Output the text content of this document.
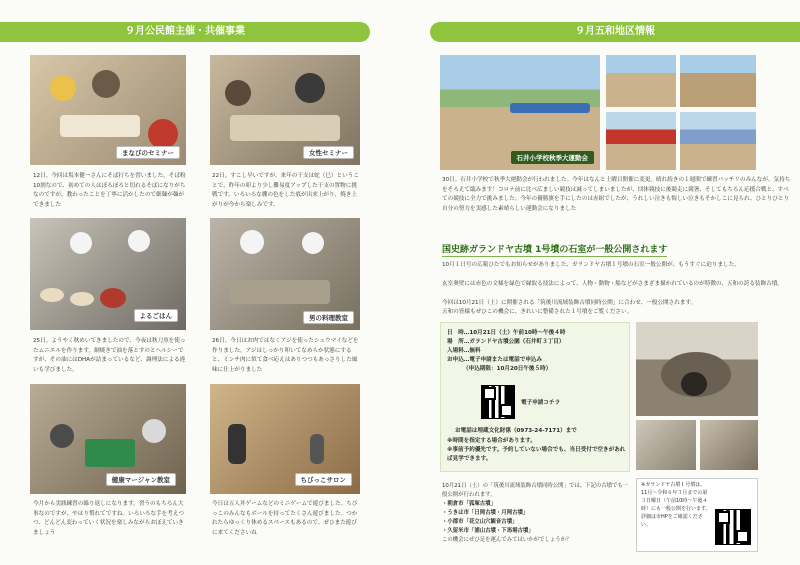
９月公民館主催・共催事業
まなびのセミナー	女性セミナー
12日。今回は坂本健一さんにそば打ちを習いました。そば粉10割なので、初めての人はぼろぼろと切れるそばになりがちなのですが、教わったことを丁寧に活かしたので細麺が麺ができました
22日。すこし早いですが、来年の干支は蛇（巳）ということで、昨年の卯より少し難易度アップした干支の置物に挑戦です。いろいろな棚の色をした底が出来上がり、焼き上がりが今から楽しみです。
よるごはん	男の料理教室
25日。ようやく秋めいてきましたので、今夜は秋刀魚を使ったムニエルを作ります。網焼きで油を落とすのとヘルシーですが、その油にはDHAが詰まっているなど、調理法による違いも学びました。
26日。今日はお肉ではなくアジを使ったシュウマイなどを作りました。アジはしっかり叩いてなめらか状態にすると、ミンチ肉に似て食べ応えはありつつもあっさりした風味に仕上がりました
健康マージャン教室	ちびっこサロン
今月から実践練習の繰り返しになります。習うのもちろん大事なのですが、やはり慣れてですね。いろいろな手を考えつつ、どんどん変わっていく状況を楽しみながらおぼえていきましょう
今日は五人丼ゲームなどのミニゲームで遊びました。ちびっこのみんなもボールを持ってたくさん遊びました。つかれたらゆっくり休めるスペースもあるので、ぜひまた遊びに来てくださいね
９月五和地区情報
石井小学校秋季大運動会
30日。石井小学校で秋季大運動会が行われました。今年はなんと土曜日開催に変更。晴れ続きの１週間で練習バッチリのみんなが、気持ちをそろえて臨みます！コロナ前に比べ広ましい競技は減ってしまいましたが、団体競技に後競走に競箸、そしてもちろん応援合戦と、すべての競技に全力で挑みました。今年の優勝旗を手にしたのは赤組でしたが、うれしい泣きも悔しい泣きもそかしこに見られ、ひとりひとり自分の努力を実感した素晴らしい運動会になりました
国史跡ガランドヤ古墳 1号墳の石室が一般公開されます
10月１日号の広報ひたでもお知らせがありました、ガランドヤ古墳１号墳の石室一般公開が、もうすぐに迫りました。
玄室奥壁には赤色の文様を緑色で縁取る技法によって、人物・動物・船などがさまざま描かれているのが特徴の、五和の誇る装飾古墳。
今回は10月21日（土）に開催される「筑後川流域装飾古墳同時公開」に合わせ、一般公開されます。
五和の皆様もぜひこの機会に、きれいに整備された１号墳をご覧ください。
日　時…10月21日（土）午前10時～午後４時
場　所…ガランドヤ古墳公園（石井町３丁目）
入場料…無料
お申込…電子申請または電話で申込み
（申込期限：10月20日午後５時）
電子申請コチラ
お電話は埋蔵文化財係（0973-24-7171）まで
※時間を指定する場合があります。
※事前予約優先です。予約していない場合でも、当日受付で空きがあれば見学できます。
10月21日（土）の「筑後川流域装飾古墳同時公開」では、下記の古墳でも一般公開が行われます。
・朝倉市「狐塚古墳」
・うきは市「日岡古墳・月岡古墳」
・小郡市「花立山穴観音古墳」
・久留米市「浦山古墳・下馬場古墳」
この機会にぜひ足を運んでみてはいかがでしょうか？
※ガランドヤ古墳１号墳は、11月～令和６年３月までの第３日曜日（午前10時～午後４時）にも一般公開を行います。詳細は市HPをご確認ください。
